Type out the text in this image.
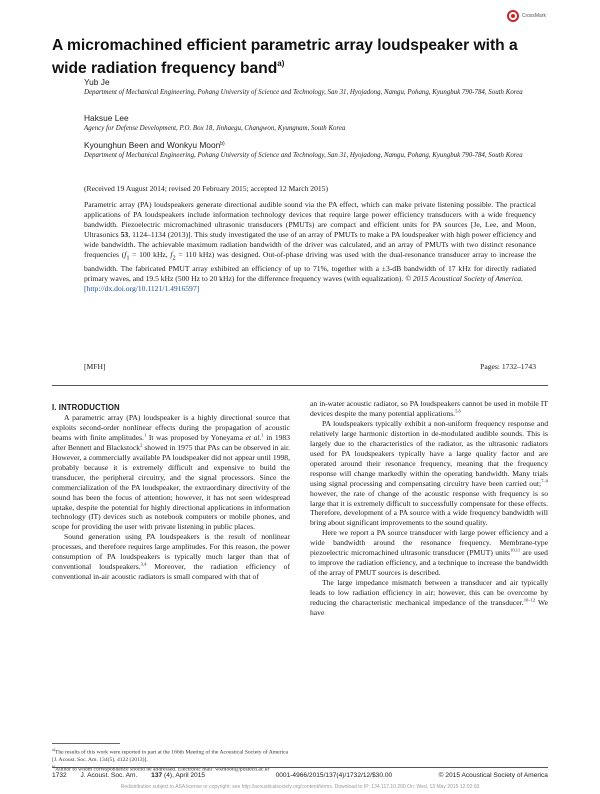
CrossMark
A micromachined efficient parametric array loudspeaker with a wide radiation frequency band$^{a)}$
Yub Je
Department of Mechanical Engineering, Pohang University of Science and Technology, San 31, Hyojadong, Namgu, Pohang, Kyungbuk 790-784, South Korea
Haksue Lee
Agency for Defense Development, P.O. Box 18, Jinhaegu, Changwon, Kyungnam, South Korea
Kyounghun Been and Wonkyu Moon$^{b)}$
Department of Mechanical Engineering, Pohang University of Science and Technology, San 31, Hyojadong, Namgu, Pohang, Kyungbuk 790-784, South Korea
(Received 19 August 2014; revised 20 February 2015; accepted 12 March 2015)

Parametric array (PA) loudspeakers generate directional audible sound via the PA effect, which can make private listening possible. The practical applications of PA loudspeakers include information technology devices that require large power efficiency transducers with a wide frequency bandwidth. Piezoelectric micromachined ultrasonic transducers (PMUTs) are compact and efficient units for PA sources [Je, Lee, and Moon, Ultrasonics 53, 1124–1134 (2013)]. This study investigated the use of an array of PMUTs to make a PA loudspeaker with high power efficiency and wide bandwidth. The achievable maximum radiation bandwidth of the driver was calculated, and an array of PMUTs with two distinct resonance frequencies ($f_1 = 100$ kHz, $f_2 = 110$ kHz) was designed. Out-of-phase driving was used with the dual-resonance transducer array to increase the bandwidth. The fabricated PMUT array exhibited an efficiency of up to 71%, together with a ±3-dB bandwidth of 17 kHz for directly radiated primary waves, and 19.5 kHz (500 Hz to 20 kHz) for the difference frequency waves (with equalization). © 2015 Acoustical Society of America.
[http://dx.doi.org/10.1121/1.4916597]

[MFH]	Pages: 1732–1743

I. INTRODUCTION

A parametric array (PA) loudspeaker is a highly directional source that exploits second-order nonlinear effects during the propagation of acoustic beams with finite amplitudes.$^1$ It was proposed by Yoneyama et al.$^1$ in 1983 after Bennett and Blackstock$^2$ showed in 1975 that PAs can be observed in air. However, a commercially available PA loudspeaker did not appear until 1998, probably because it is extremely difficult and expensive to build the transducer, the peripheral circuitry, and the signal processors. Since the commercialization of the PA loudspeaker, the extraordinary directivity of the sound has been the focus of attention; however, it has not seen widespread uptake, despite the potential for highly directional applications in information technology (IT) devices such as notebook computers or mobile phones, and scope for providing the user with private listening in public places.

Sound generation using PA loudspeakers is the result of nonlinear processes, and therefore requires large amplitudes. For this reason, the power consumption of PA loudspeakers is typically much larger than that of conventional loudspeakers.$^{3,4}$ Moreover, the radiation efficiency of conventional in-air acoustic radiators is small compared with that of

an in-water acoustic radiator, so PA loudspeakers cannot be used in mobile IT devices despite the many potential applications.$^{5,6}$

PA loudspeakers typically exhibit a non-uniform frequency response and relatively large harmonic distortion in de-modulated audible sounds. This is largely due to the characteristics of the radiator, as the ultrasonic radiators used for PA loudspeakers typically have a large quality factor and are operated around their resonance frequency, meaning that the frequency response will change markedly within the operating bandwidth. Many trials using signal processing and compensating circuitry have been carried out;$^{7-9}$ however, the rate of change of the acoustic response with frequency is so large that it is extremely difficult to successfully compensate for these effects. Therefore, development of a PA source with a wide frequency bandwidth will bring about significant improvements to the sound quality.

Here we report a PA source transducer with large power efficiency and a wide bandwidth around the resonance frequency. Membrane-type piezoelectric micromachined ultrasonic transducer (PMUT) units$^{10,11}$ are used to improve the radiation efficiency, and a technique to increase the bandwidth of the array of PMUT sources is described.

The large impedance mismatch between a transducer and air typically leads to low radiation efficiency in air; however, this can be overcome by reducing the characteristic mechanical impedance of the transducer.$^{10-12}$ We have

$^{a)}$The results of this work were reported in part at the 166th Meeting of the Acoustical Society of America [J. Acoust. Soc. Am. 134(5), 4122 (2013)].
$^{b)}$Author to whom correspondence should be addressed. Electronic mail: wkmoon@postech.ac.kr
1732 J. Acoust. Soc. Am. 137 (4), April 2015	0001-4966/2015/137(4)/1732/12/$30.00	© 2015 Acoustical Society of America
Redistribution subject to ASA license or copyright; see http://acousticalsociety.org/content/terms. Download to IP: 134.117.10.200 On: Wed, 13 May 2015 12:02:03
